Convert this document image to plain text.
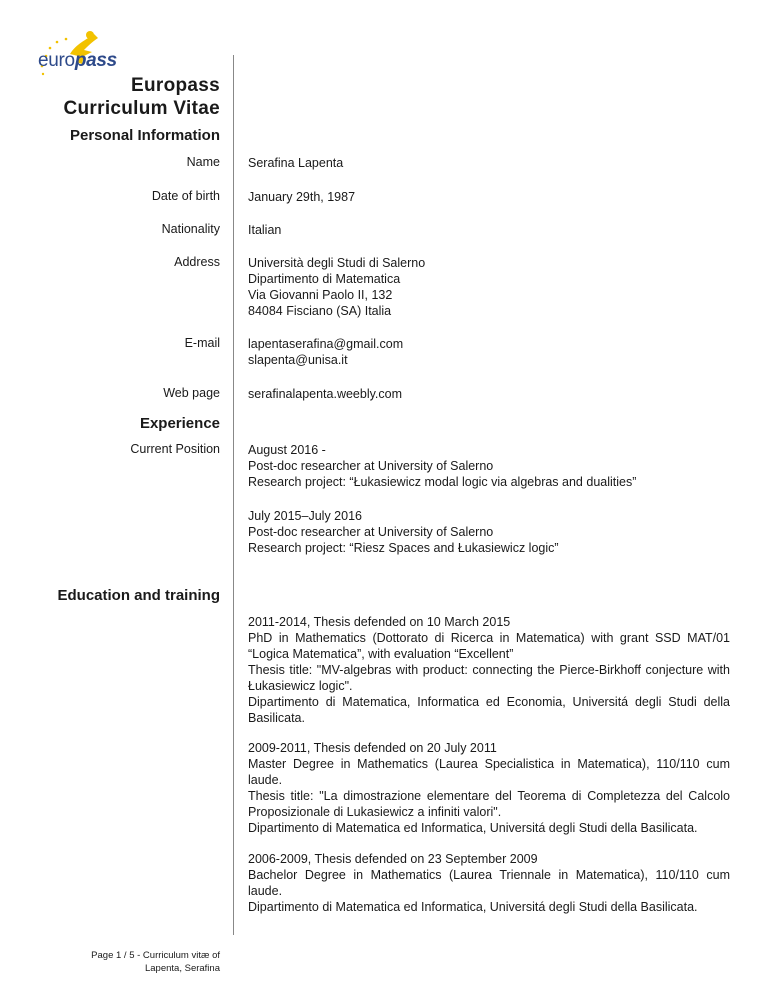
europass
Europass
Curriculum Vitae
Personal Information
Name Serafina Lapenta
Date of birth January 29th, 1987
Nationality Italian
Address Università degli Studi di Salerno
Dipartimento di Matematica
Via Giovanni Paolo II, 132
84084 Fisciano (SA) Italia
E-mail lapentaserafina@gmail.com
slapenta@unisa.it
Web page serafinalapenta.weebly.com
Experience
Current Position August 2016 -
Post-doc researcher at University of Salerno
Research project: “Łukasiewicz modal logic via algebras and dualities”
July 2015–July 2016
Post-doc researcher at University of Salerno
Research project: “Riesz Spaces and Łukasiewicz logic”
Education and training
2011-2014, Thesis defended on 10 March 2015
PhD in Mathematics (Dottorato di Ricerca in Matematica) with grant SSD MAT/01 “Logica Matematica”, with evaluation “Excellent”
Thesis title: "MV-algebras with product: connecting the Pierce-Birkhoff conjecture with Łukasiewicz logic".
Dipartimento di Matematica, Informatica ed Economia, Universitá degli Studi della Basilicata.
2009-2011, Thesis defended on 20 July 2011
Master Degree in Mathematics (Laurea Specialistica in Matematica), 110/110 cum laude.
Thesis title: "La dimostrazione elementare del Teorema di Completezza del Calcolo Proposizionale di Lukasiewicz a infiniti valori".
Dipartimento di Matematica ed Informatica, Universitá degli Studi della Basilicata.
2006-2009, Thesis defended on 23 September 2009
Bachelor Degree in Mathematics (Laurea Triennale in Matematica), 110/110 cum laude.
Dipartimento di Matematica ed Informatica, Universitá degli Studi della Basilicata.
Page 1 / 5 - Curriculum vitæ of
Lapenta, Serafina
